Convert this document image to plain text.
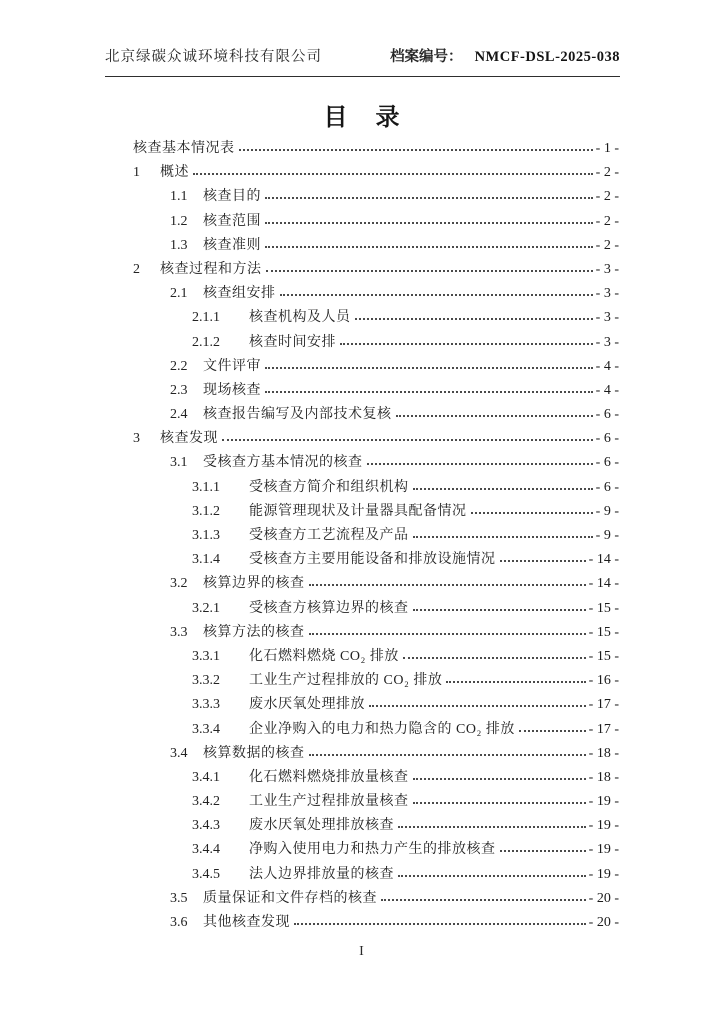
北京绿碳众诚环境科技有限公司	档案编号： NMCF-DSL-2025-038
目 录
核查基本情况表	- 1 -
1	概述	- 2 -
1.1	核查目的	- 2 -
1.2	核查范围	- 2 -
1.3	核查准则	- 2 -
2	核查过程和方法	- 3 -
2.1	核查组安排	- 3 -
2.1.1	核查机构及人员	- 3 -
2.1.2	核查时间安排	- 3 -
2.2	文件评审	- 4 -
2.3	现场核查	- 4 -
2.4	核查报告编写及内部技术复核	- 6 -
3	核查发现	- 6 -
3.1	受核查方基本情况的核查	- 6 -
3.1.1	受核查方简介和组织机构	- 6 -
3.1.2	能源管理现状及计量器具配备情况	- 9 -
3.1.3	受核查方工艺流程及产品	- 9 -
3.1.4	受核查方主要用能设备和排放设施情况	- 14 -
3.2	核算边界的核查	- 14 -
3.2.1	受核查方核算边界的核查	- 15 -
3.3	核算方法的核查	- 15 -
3.3.1	化石燃料燃烧 CO₂ 排放	- 15 -
3.3.2	工业生产过程排放的 CO₂ 排放	- 16 -
3.3.3	废水厌氧处理排放	- 17 -
3.3.4	企业净购入的电力和热力隐含的 CO₂ 排放	- 17 -
3.4	核算数据的核查	- 18 -
3.4.1	化石燃料燃烧排放量核查	- 18 -
3.4.2	工业生产过程排放量核查	- 19 -
3.4.3	废水厌氧处理排放核查	- 19 -
3.4.4	净购入使用电力和热力产生的排放核查	- 19 -
3.4.5	法人边界排放量的核查	- 19 -
3.5	质量保证和文件存档的核查	- 20 -
3.6	其他核查发现	- 20 -
I
